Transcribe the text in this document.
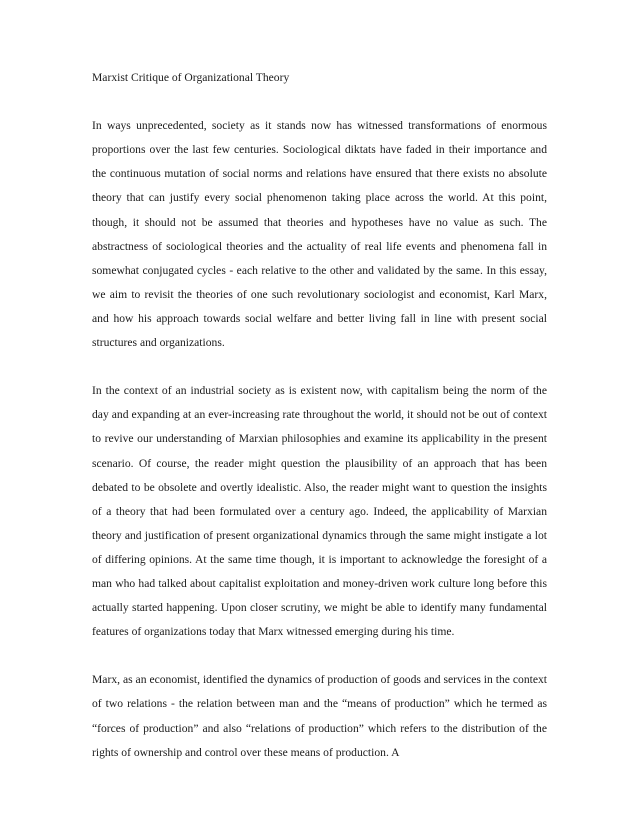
Marxist Critique of Organizational Theory

In ways unprecedented, society as it stands now has witnessed transformations of enormous proportions over the last few centuries. Sociological diktats have faded in their importance and the continuous mutation of social norms and relations have ensured that there exists no absolute theory that can justify every social phenomenon taking place across the world. At this point, though, it should not be assumed that theories and hypotheses have no value as such. The abstractness of sociological theories and the actuality of real life events and phenomena fall in somewhat conjugated cycles - each relative to the other and validated by the same. In this essay, we aim to revisit the theories of one such revolutionary sociologist and economist, Karl Marx, and how his approach towards social welfare and better living fall in line with present social structures and organizations.

In the context of an industrial society as is existent now, with capitalism being the norm of the day and expanding at an ever-increasing rate throughout the world, it should not be out of context to revive our understanding of Marxian philosophies and examine its applicability in the present scenario. Of course, the reader might question the plausibility of an approach that has been debated to be obsolete and overtly idealistic. Also, the reader might want to question the insights of a theory that had been formulated over a century ago. Indeed, the applicability of Marxian theory and justification of present organizational dynamics through the same might instigate a lot of differing opinions. At the same time though, it is important to acknowledge the foresight of a man who had talked about capitalist exploitation and money-driven work culture long before this actually started happening. Upon closer scrutiny, we might be able to identify many fundamental features of organizations today that Marx witnessed emerging during his time.

Marx, as an economist, identified the dynamics of production of goods and services in the context of two relations - the relation between man and the “means of production” which he termed as “forces of production” and also “relations of production” which refers to the distribution of the rights of ownership and control over these means of production. A
